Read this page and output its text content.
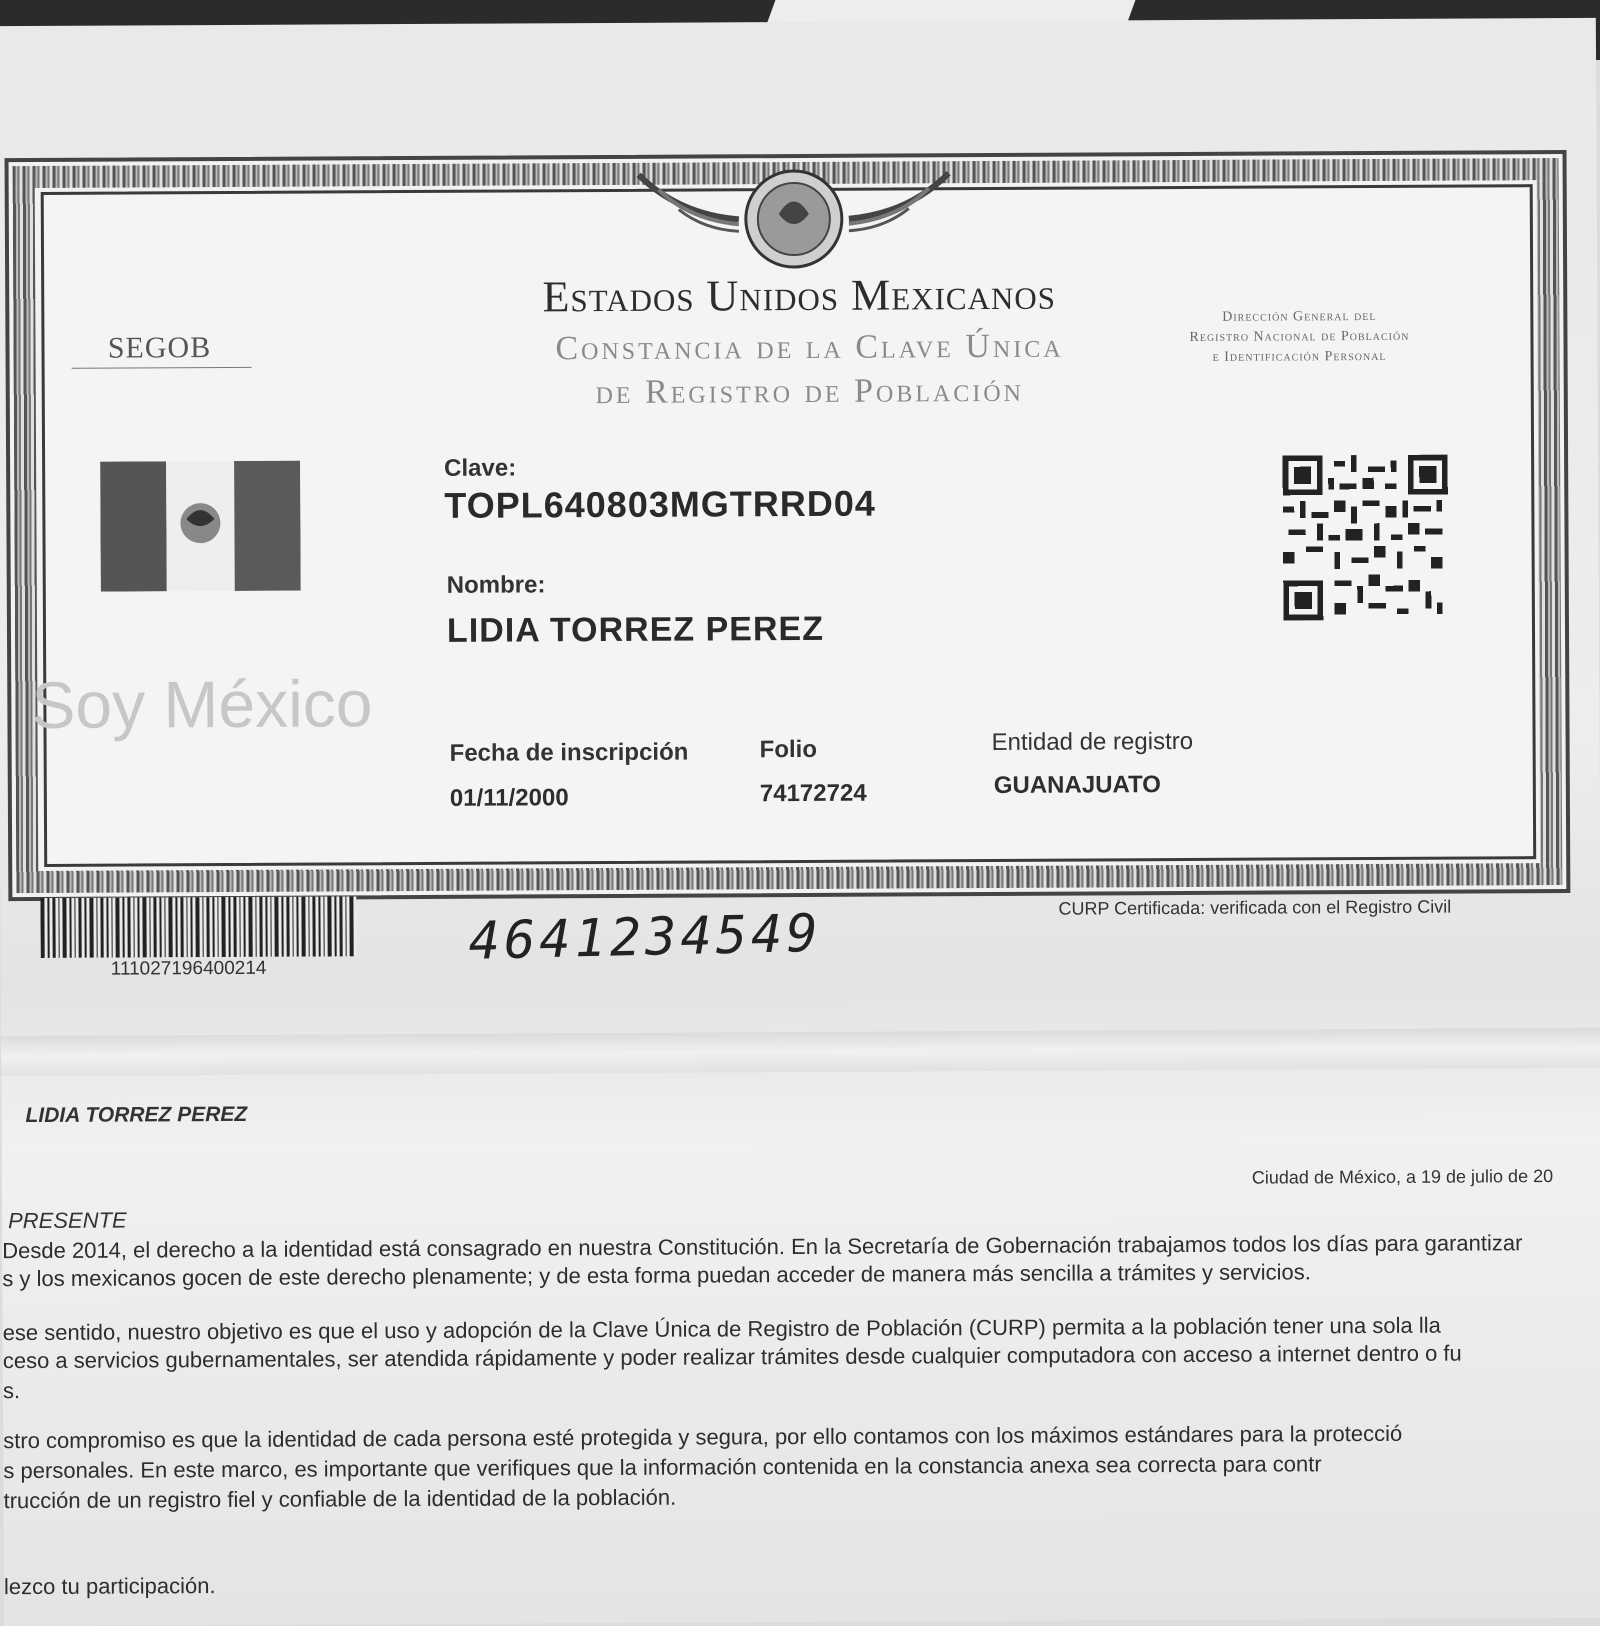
Estados Unidos Mexicanos
Constancia de la Clave Única
de Registro de Población
SEGOB
Dirección General del
Registro Nacional de Población
e Identificación Personal
Soy México
Clave:
TOPL640803MGTRRD04
Nombre:
LIDIA TORREZ PEREZ
Fecha de inscripción
01/11/2000
Folio
74172724
Entidad de registro
GUANAJUATO
111027196400214	4641234549	CURP Certificada: verificada con el Registro Civil
LIDIA TORREZ PEREZ
Ciudad de México, a 19 de julio de 20
PRESENTE
Desde 2014, el derecho a la identidad está consagrado en nuestra Constitución. En la Secretaría de Gobernación trabajamos todos los días para garantizar
s y los mexicanos gocen de este derecho plenamente; y de esta forma puedan acceder de manera más sencilla a trámites y servicios.
ese sentido, nuestro objetivo es que el uso y adopción de la Clave Única de Registro de Población (CURP) permita a la población tener una sola lla
ceso a servicios gubernamentales, ser atendida rápidamente y poder realizar trámites desde cualquier computadora con acceso a internet dentro o fu
s.
stro compromiso es que la identidad de cada persona esté protegida y segura, por ello contamos con los máximos estándares para la protecció
s personales. En este marco, es importante que verifiques que la información contenida en la constancia anexa sea correcta para contr
trucción de un registro fiel y confiable de la identidad de la población.
lezco tu participación.
